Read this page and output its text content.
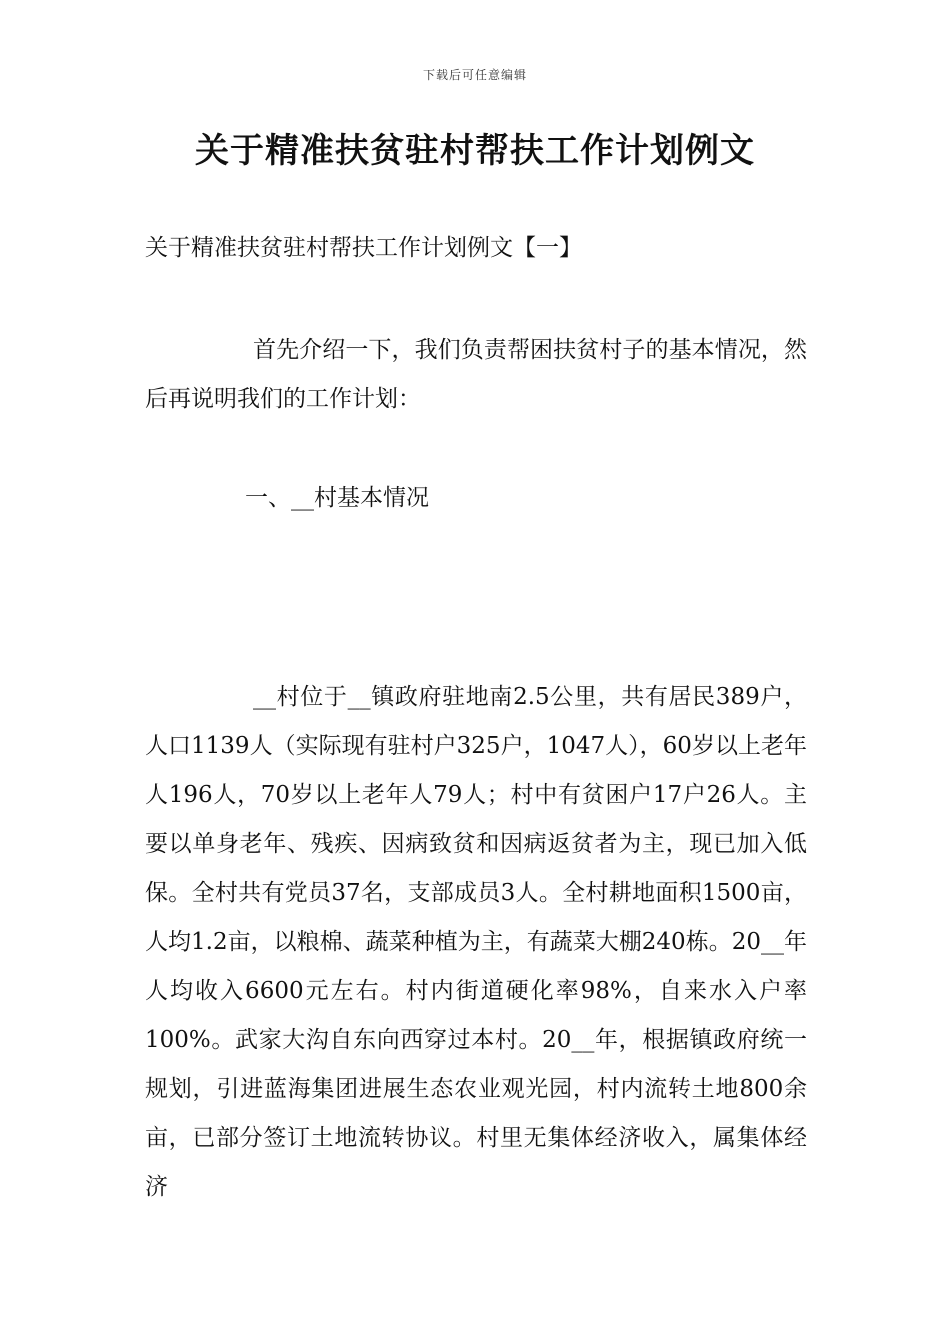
下载后可任意编辑
关于精准扶贫驻村帮扶工作计划例文

关于精准扶贫驻村帮扶工作计划例文【一】

首先介绍一下，我们负责帮困扶贫村子的基本情况，然后再说明我们的工作计划：

一、__村基本情况

__村位于__镇政府驻地南2.5公里，共有居民389户，人口1139人（实际现有驻村户325户，1047人），60岁以上老年人196人，70岁以上老年人79人；村中有贫困户17户26人。主要以单身老年、残疾、因病致贫和因病返贫者为主，现已加入低保。全村共有党员37名，支部成员3人。全村耕地面积1500亩，人均1.2亩，以粮棉、蔬菜种植为主，有蔬菜大棚240栋。20__年人均收入6600元左右。村内街道硬化率98%，自来水入户率100%。武家大沟自东向西穿过本村。20__年，根据镇政府统一规划，引进蓝海集团进展生态农业观光园，村内流转土地800余亩，已部分签订土地流转协议。村里无集体经济收入，属集体经济
